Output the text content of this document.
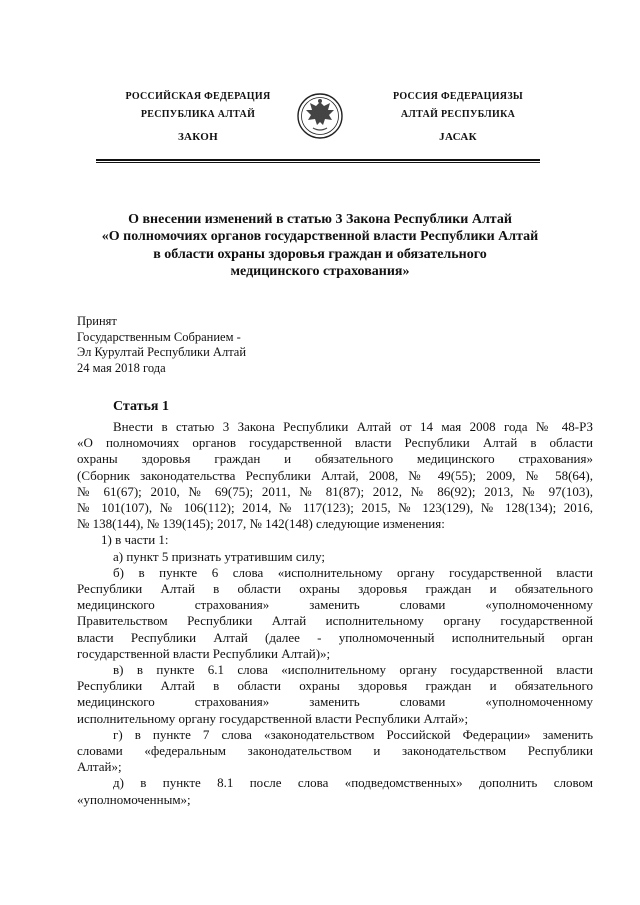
РОССИЙСКАЯ ФЕДЕРАЦИЯ
РЕСПУБЛИКА АЛТАЙ
ЗАКОН
РОССИЯ ФЕДЕРАЦИЯЗЫ
АЛТАЙ РЕСПУБЛИКА
JАСАК
О внесении изменений в статью 3 Закона Республики Алтай
«О полномочиях органов государственной власти Республики Алтай
в области охраны здоровья граждан и обязательного
медицинского страхования»
Принят
Государственным Собранием -
Эл Курултай Республики Алтай
24 мая 2018 года
Статья 1
Внести в статью 3 Закона Республики Алтай от 14 мая 2008 года № 48-РЗ
«О полномочиях органов государственной власти Республики Алтай в области
охраны здоровья граждан и обязательного медицинского страхования»
(Сборник законодательства Республики Алтай, 2008, № 49(55); 2009, № 58(64),
№ 61(67); 2010, № 69(75); 2011, № 81(87); 2012, № 86(92); 2013, № 97(103),
№ 101(107), № 106(112); 2014, № 117(123); 2015, № 123(129), № 128(134); 2016,
№ 138(144), № 139(145); 2017, № 142(148) следующие изменения:
1) в части 1:
а) пункт 5 признать утратившим силу;
б) в пункте 6 слова «исполнительному органу государственной власти
Республики Алтай в области охраны здоровья граждан и обязательного
медицинского страхования» заменить словами «уполномоченному
Правительством Республики Алтай исполнительному органу государственной
власти Республики Алтай (далее - уполномоченный исполнительный орган
государственной власти Республики Алтай)»;
в) в пункте 6.1 слова «исполнительному органу государственной власти
Республики Алтай в области охраны здоровья граждан и обязательного
медицинского страхования» заменить словами «уполномоченному
исполнительному органу государственной власти Республики Алтай»;
г) в пункте 7 слова «законодательством Российской Федерации» заменить
словами «федеральным законодательством и законодательством Республики
Алтай»;
д) в пункте 8.1 после слова «подведомственных» дополнить словом
«уполномоченным»;
